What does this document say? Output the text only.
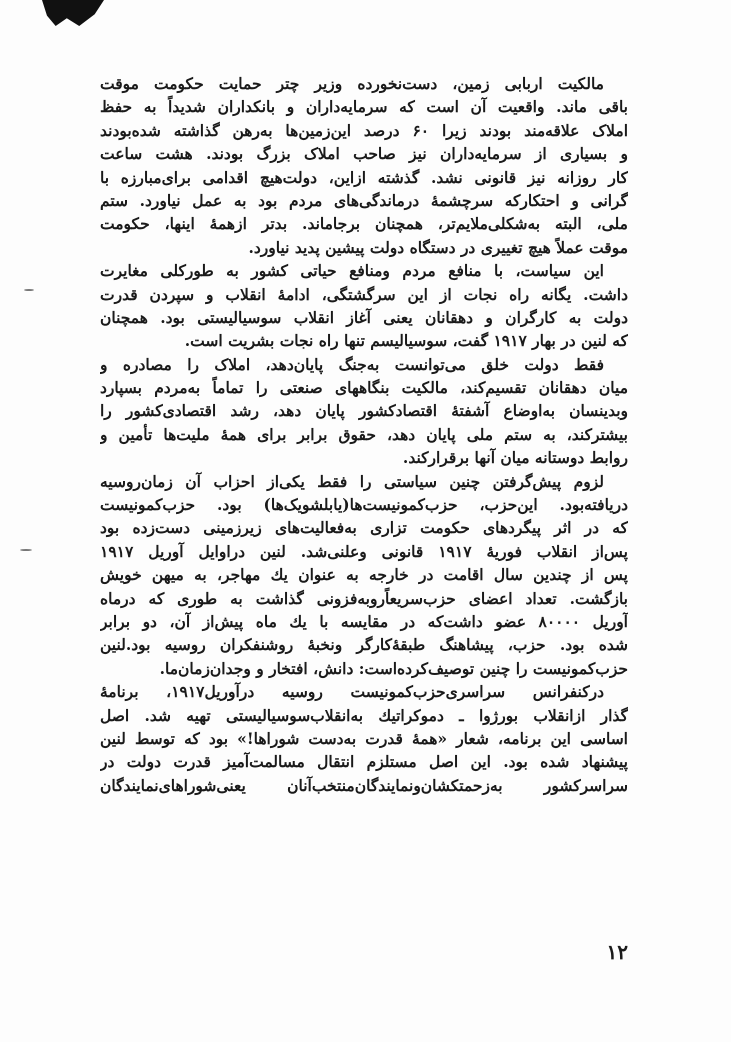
مالکیت اربابی زمین، دست‌نخورده وزیر چتر حمایت حکومت موقت
باقی ماند. واقعیت آن است که سرمایه‌داران و بانکداران شدیداً به حفظ
املاک علاقه‌مند بودند زیرا ۶۰ درصد این‌زمین‌ها به‌رهن گذاشته شده‌بودند
و بسیاری از سرمایه‌داران نیز صاحب املاک بزرگ بودند. هشت ساعت
کار روزانه نیز قانونی نشد. گذشته ازاین، دولت‌هیچ اقدامی برای‌مبارزه با
گرانی و احتکارکه سرچشمهٔ درماندگی‌های مردم بود به عمل نیاورد. ستم
ملی، البته به‌شکلی‌ملایم‌تر، همچنان برجاماند. بدتر ازهمهٔ اینها، حکومت
موقت عملاً هیچ تغییری در دستگاه دولت پیشین پدید نیاورد.
این سیاست، با منافع مردم ومنافع حیاتی کشور به طورکلی مغایرت
داشت. یگانه راه نجات از این سرگشتگی، ادامهٔ انقلاب و سپردن قدرت
دولت به کارگران و دهقانان یعنی آغاز انقلاب سوسیالیستی بود. همچنان
که لنین در بهار ۱۹۱۷ گفت، سوسیالیسم تنها راه نجات بشریت است.
فقط دولت خلق می‌توانست به‌جنگ پایان‌دهد، املاک را مصادره و
میان دهقانان تقسیم‌کند، مالکیت بنگاههای صنعتی را تماماً به‌مردم بسپارد
وبدینسان به‌اوضاع آشفتهٔ اقتصادکشور پایان دهد، رشد اقتصادی‌کشور را
بیشترکند، به ستم ملی پایان دهد، حقوق برابر برای همهٔ ملیت‌ها تأمین و
روابط دوستانه میان آنها برقرارکند.
لزوم پیش‌گرفتن چنین سیاستی را فقط یکی‌از احزاب آن زمان‌روسیه
دریافته‌بود. این‌حزب، حزب‌کمونیست‌ها(یابلشویک‌ها) بود. حزب‌کمونیست
که در اثر پیگردهای حکومت تزاری به‌فعالیت‌های زیرزمینی دست‌زده بود
پس‌از انقلاب فوریهٔ ۱۹۱۷ قانونی وعلنی‌شد. لنین دراوایل آوریل ۱۹۱۷
پس از چندین سال اقامت در خارجه به عنوان یك مهاجر، به میهن خویش
بازگشت. تعداد اعضای حزب‌سریعاًروبه‌فزونی گذاشت به طوری که درماه
آوریل ۸۰۰۰۰ عضو داشت‌که در مقایسه با یك ماه پیش‌از آن، دو برابر
شده بود. حزب، پیشاهنگ طبقهٔ‌کارگر ونخبهٔ روشنفکران روسیه بود.لنین
حزب‌کمونیست را چنین توصیف‌کرده‌است: دانش، افتخار و وجدان‌زمان‌ما.
درکنفرانس سراسری‌حزب‌کمونیست روسیه درآوریل۱۹۱۷، برنامهٔ
گذار ازانقلاب بورژوا ـ دموکراتیك به‌انقلاب‌سوسیالیستی تهیه شد. اصل
اساسی این برنامه، شعار «همهٔ قدرت به‌دست شوراها!» بود که توسط لنین
پیشنهاد شده بود. این اصل مستلزم انتقال مسالمت‌آمیز قدرت دولت در
سراسرکشور به‌زحمتکشان‌ونمایندگان‌منتخب‌آنان یعنی‌شوراهای‌نمایندگان
۱۲
